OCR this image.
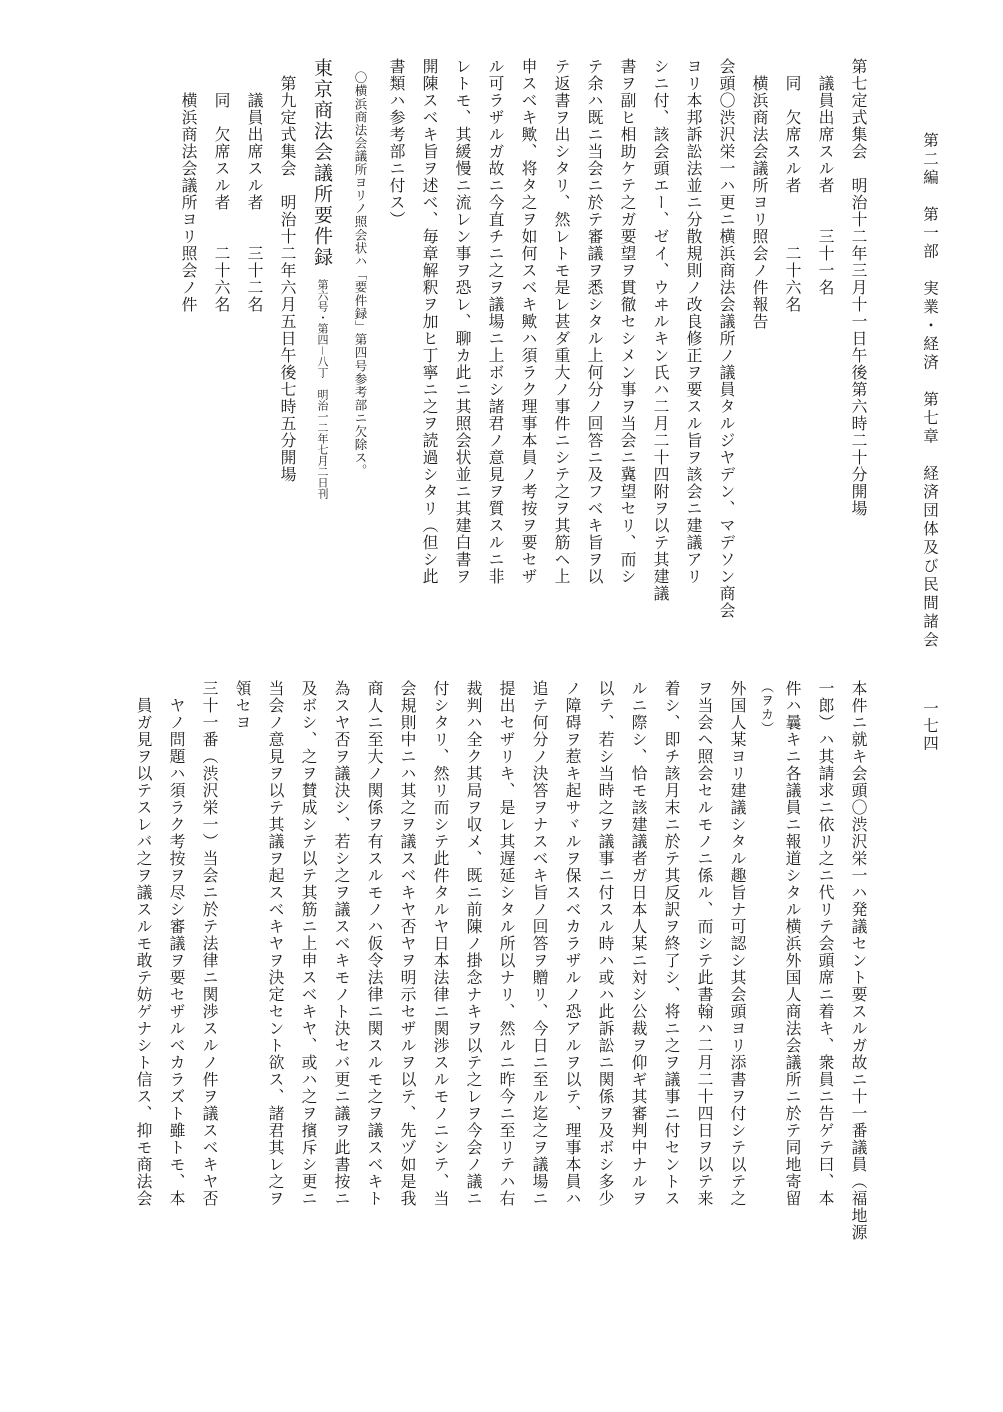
第二編　第一部　実業・経済　第七章　経済団体及び民間諸会
一七四
第七定式集会　明治十二年三月十一日午後第六時二十分開場
　議員出席スル者　　三十一名
　同　欠席スル者　　　二十六名
　横浜商法会議所ヨリ照会ノ件報告
会頭〇渋沢栄一ハ更ニ横浜商法会議所ノ議員タルジヤデン、マデソン商会
ヨリ本邦訴訟法並ニ分散規則ノ改良修正ヲ要スル旨ヲ該会ニ建議アリ
シニ付、該会頭エー、ゼイ、ウヰルキン氏ハ二月二十四附ヲ以テ其建議
書ヲ副ヒ相助ケテ之ガ要望ヲ貫徹セシメン事ヲ当会ニ冀望セリ、而シ
テ余ハ既ニ当会ニ於テ審議ヲ悉シタル上何分ノ回答ニ及フベキ旨ヲ以
テ返書ヲ出シタリ、然レトモ是レ甚ダ重大ノ事件ニシテ之ヲ其筋ヘ上
申スベキ歟、将タ之ヲ如何スベキ歟ハ須ラク理事本員ノ考按ヲ要セザ
ル可ラザルガ故ニ今直チニ之ヲ議場ニ上ボシ諸君ノ意見ヲ質スルニ非
レトモ、其緩慢ニ流レン事ヲ恐レ、聊カ此ニ其照会状並ニ其建白書ヲ
開陳スベキ旨ヲ述ベ、毎章解釈ヲ加ヒ丁寧ニ之ヲ読過シタリ（但シ此
書類ハ参考部ニ付ス）
　〇横浜商法会議所ヨリノ照会状ハ「要件録」第四号参考部ニ欠除ス。
東京商法会議所要件録　第六号・第四－八丁　明治一二年七月二日刊
　第九定式集会　明治十二年六月五日午後七時五分開場
　　議員出席スル者　　三十二名
　　同　欠席スル者　　二十六名
　　横浜商法会議所ヨリ照会ノ件
本件ニ就キ会頭〇渋沢栄一ハ発議セント要スルガ故ニ十一番議員（福地源
一郎）ハ其請求ニ依リ之ニ代リテ会頭席ニ着キ、衆員ニ告ゲテ曰、本
件ハ曩キニ各議員ニ報道シタル横浜外国人商法会議所ニ於テ同地寄留
（ヲカ）
外国人某ヨリ建議シタル趣旨ナ可認シ其会頭ヨリ添書ヲ付シテ以テ之
ヲ当会ヘ照会セルモノニ係ル、而シテ此書翰ハ二月二十四日ヲ以テ来
着シ、即チ該月末ニ於テ其反訳ヲ終了シ、将ニ之ヲ議事ニ付セントス
ルニ際シ、恰モ該建議者ガ日本人某ニ対シ公裁ヲ仰ギ其審判中ナルヲ
以テ、若シ当時之ヲ議事ニ付スル時ハ或ハ此訴訟ニ関係ヲ及ボシ多少
ノ障碍ヲ惹キ起サヾルヲ保スベカラザルノ恐アルヲ以テ、理事本員ハ
追テ何分ノ決答ヲナスベキ旨ノ回答ヲ贈リ、今日ニ至ル迄之ヲ議場ニ
提出セザリキ、是レ其遅延シタル所以ナリ、然ルニ昨今ニ至リテハ右
裁判ハ全ク其局ヲ収メ、既ニ前陳ノ掛念ナキヲ以テ之レヲ今会ノ議ニ
付シタリ、然リ而シテ此件タルヤ日本法律ニ関渉スルモノニシテ、当
会規則中ニハ其之ヲ議スベキヤ否ヤヲ明示セザルヲ以テ、先ヅ如是我
商人ニ至大ノ関係ヲ有スルモノハ仮令法律ニ関スルモ之ヲ議スベキト
為スヤ否ヲ議決シ、若シ之ヲ議スベキモノト決セバ更ニ議ヲ此書按ニ
及ボシ、之ヲ賛成シテ以テ其筋ニ上申スベキヤ、或ハ之ヲ擯斥シ更ニ
当会ノ意見ヲ以テ其議ヲ起スベキヤヲ決定セント欲ス、諸君其レ之ヲ
領セヨ
三十一番（渋沢栄一）当会ニ於テ法律ニ関渉スルノ件ヲ議スベキヤ否
　ヤノ問題ハ須ラク考按ヲ尽シ審議ヲ要セザルベカラズト雖トモ、本
　員ガ見ヲ以テスレバ之ヲ議スルモ敢テ妨ゲナシト信ス、抑モ商法会
